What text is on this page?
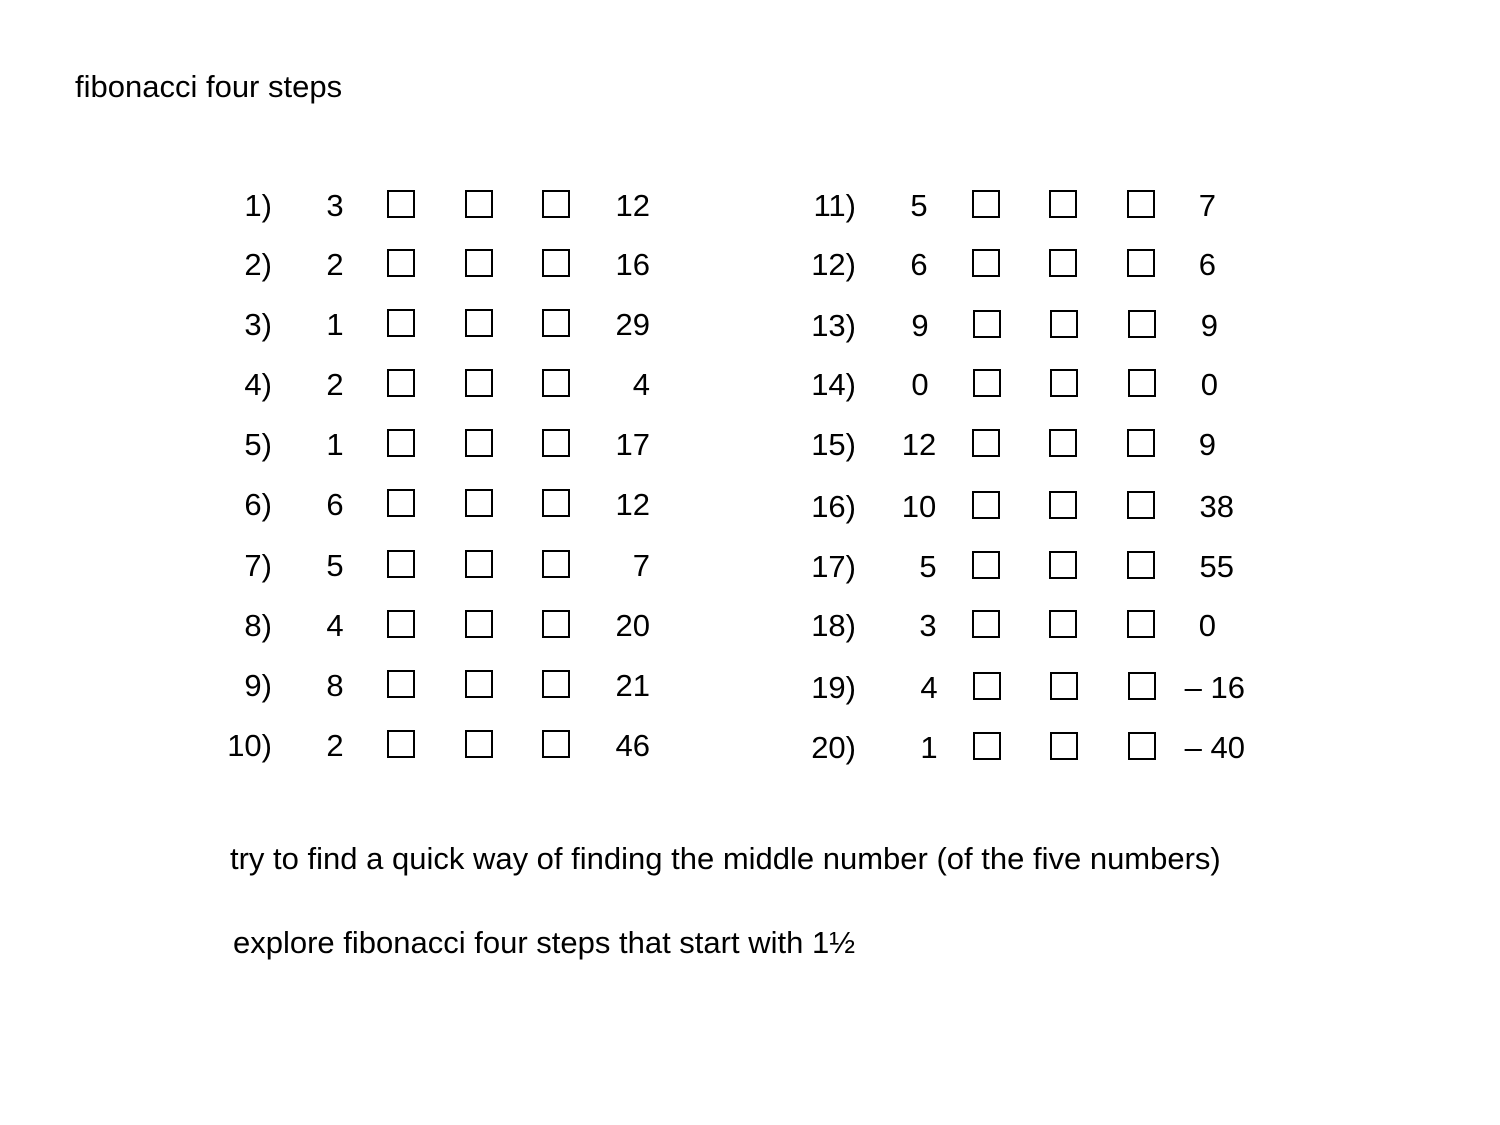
fibonacci four steps
1)	3	12
2)	2	16
3)	1	29
4)	2	4
5)	1	17
6)	6	12
7)	5	7
8)	4	20
9)	8	21
10)	2	46
11)	5	7
12)	6	6
13)	9	9
14)	0	0
15)	12	9
16)	10	38
17)	5	55
18)	3	0
19)	4	– 16
20)	1	– 40
try to find a quick way of finding the middle number (of the five numbers)
explore fibonacci four steps that start with 1½
